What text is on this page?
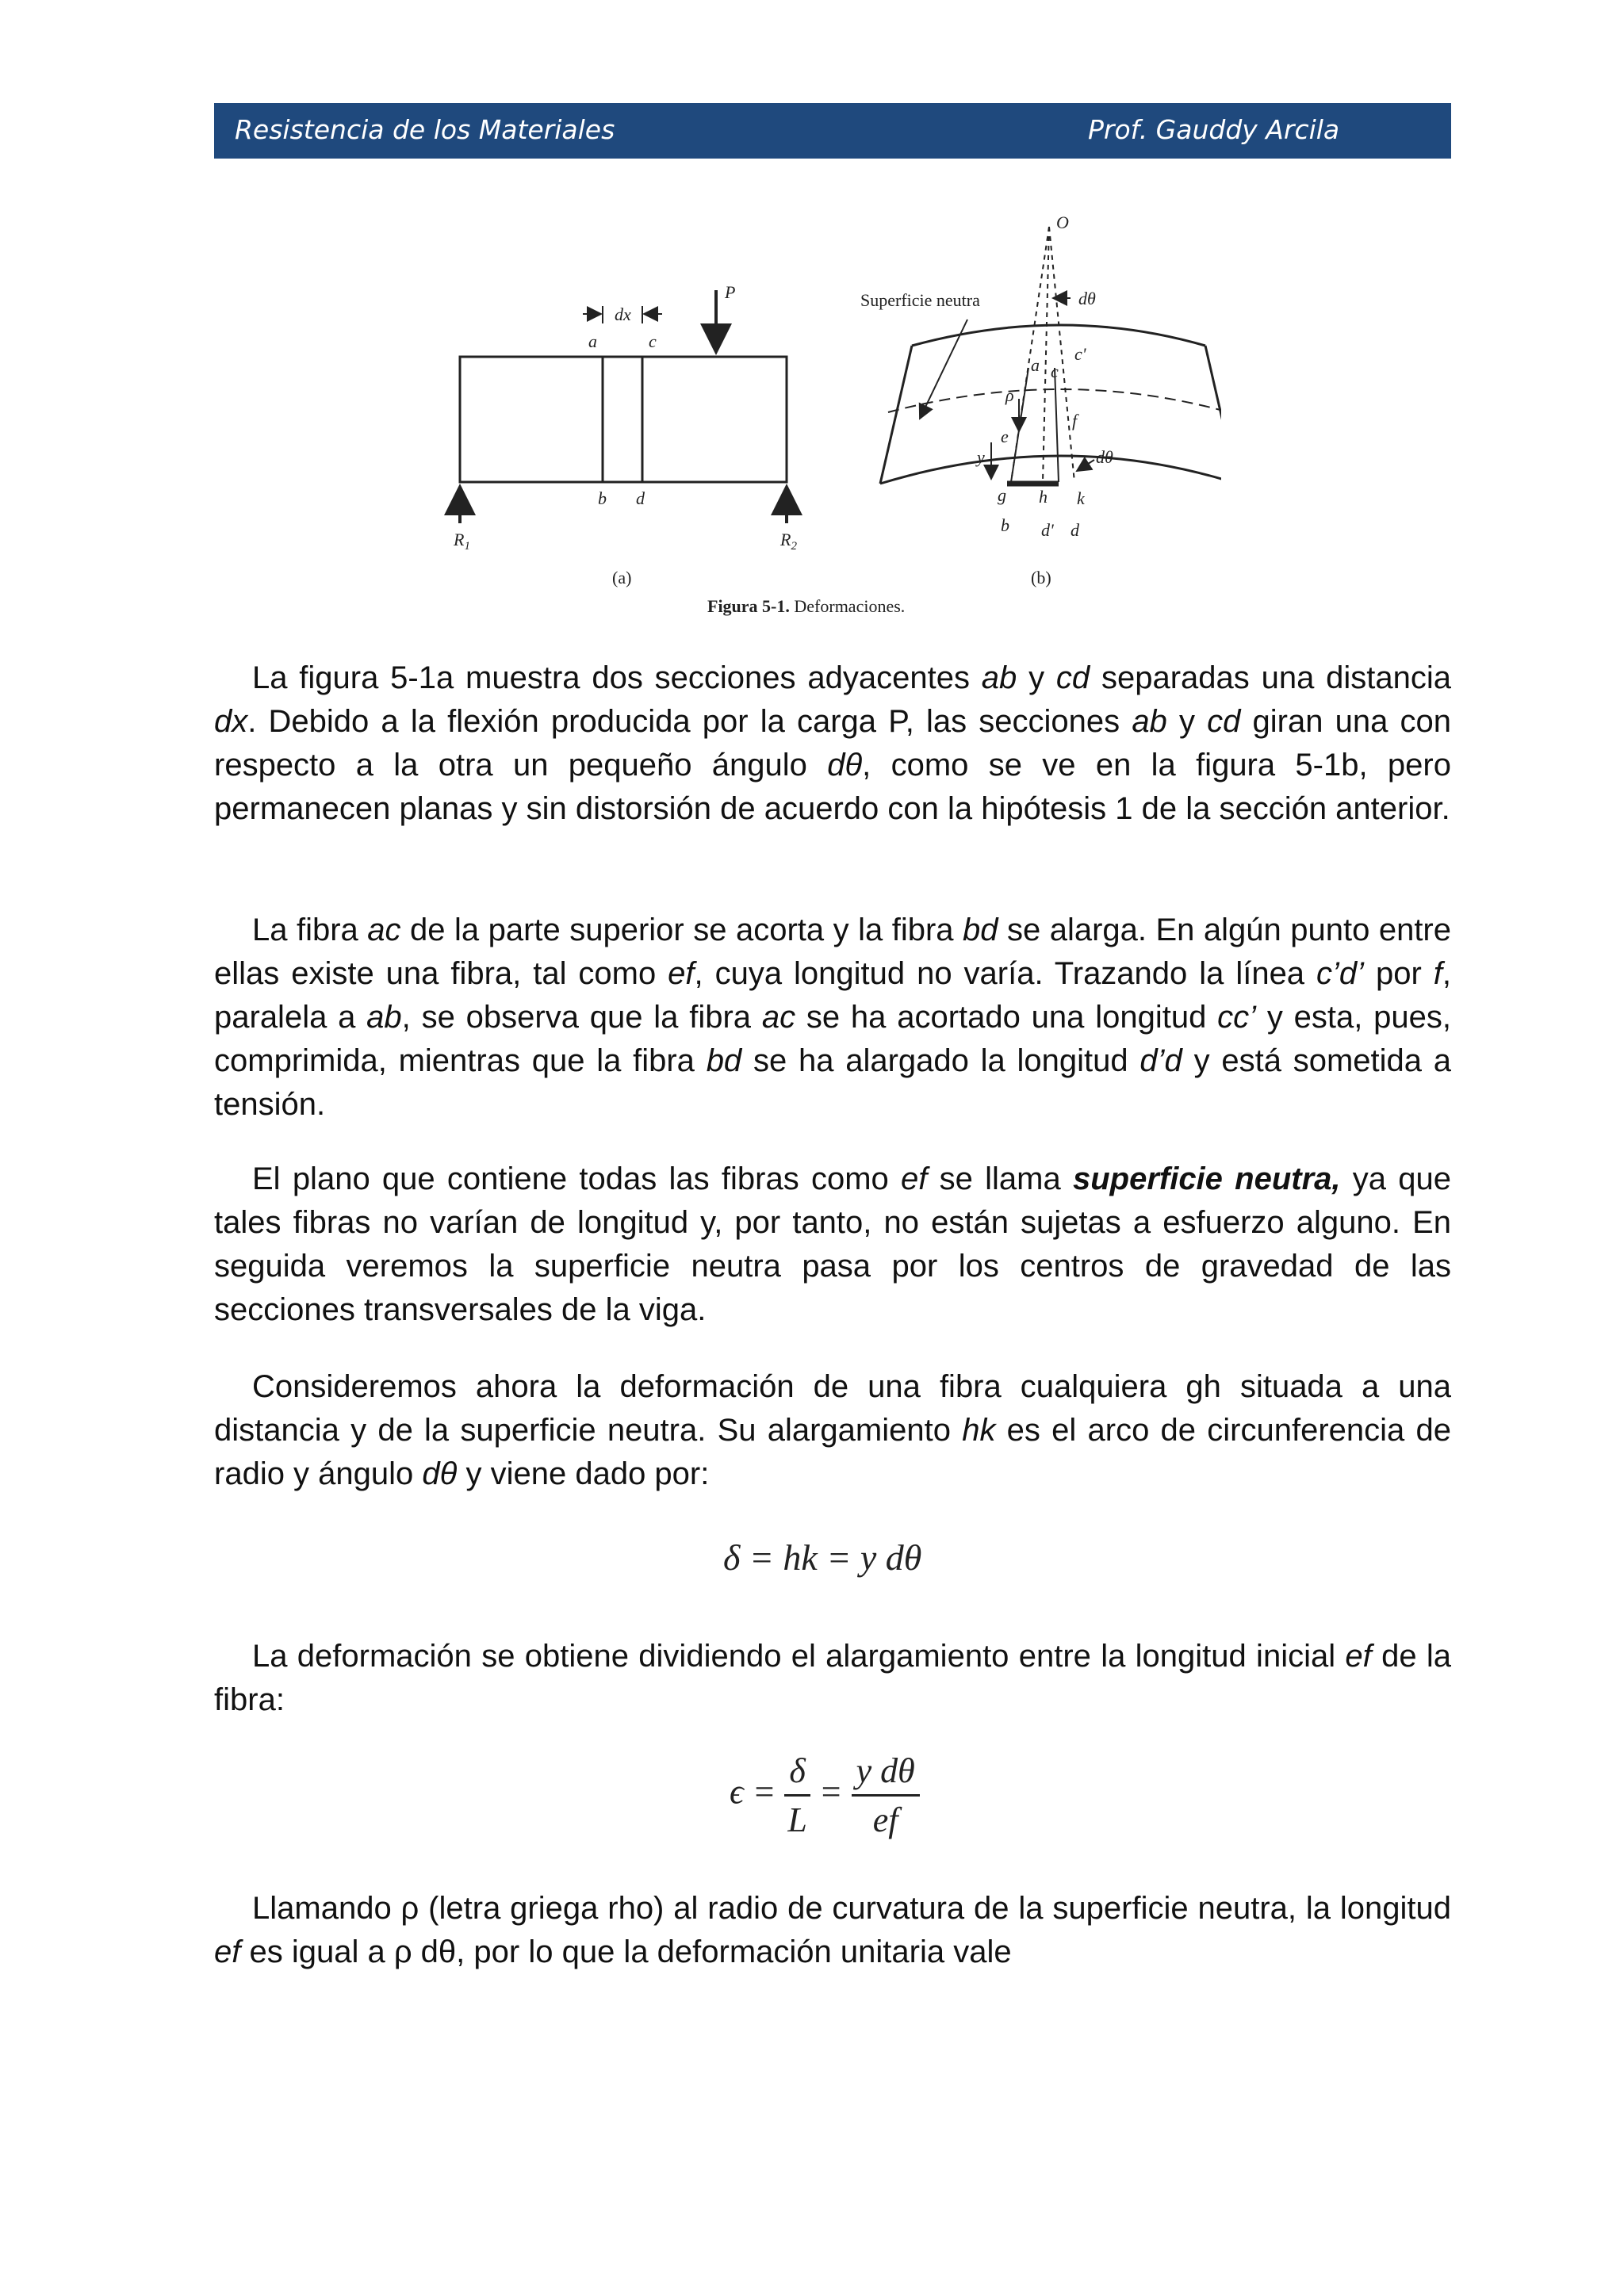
Resistencia de los Materiales	Prof. Gauddy Arcila
dx
a	c
P
b d
$R_1$	$R_2$
(a)
O
Superficie neutra	dθ
c'
a c
ρ
f
e
dθ
y
g h k
b d' d
(b)
Figura 5-1. Deformaciones.

La figura 5-1a muestra dos secciones adyacentes ab y cd separadas una distancia dx. Debido a la flexión producida por la carga P, las secciones ab y cd giran una con respecto a la otra un pequeño ángulo dθ, como se ve en la figura 5-1b, pero permanecen planas y sin distorsión de acuerdo con la hipótesis 1 de la sección anterior.

La fibra ac de la parte superior se acorta y la fibra bd se alarga. En algún punto entre ellas existe una fibra, tal como ef, cuya longitud no varía. Trazando la línea c’d’ por f, paralela a ab, se observa que la fibra ac se ha acortado una longitud cc’ y esta, pues, comprimida, mientras que la fibra bd se ha alargado la longitud d’d y está sometida a tensión.

El plano que contiene todas las fibras como ef se llama superficie neutra, ya que tales fibras no varían de longitud y, por tanto, no están sujetas a esfuerzo alguno. En seguida veremos la superficie neutra pasa por los centros de gravedad de las secciones transversales de la viga.

Consideremos ahora la deformación de una fibra cualquiera gh situada a una distancia y de la superficie neutra. Su alargamiento hk es el arco de circunferencia de radio y ángulo dθ y viene dado por:

δ = hk = y dθ

La deformación se obtiene dividiendo el alargamiento entre la longitud inicial ef de la fibra:

$\epsilon = \frac{\delta}{L} = \frac{\text{y dθ}}{ef}$

Llamando ρ (letra griega rho) al radio de curvatura de la superficie neutra, la longitud ef es igual a ρ dθ, por lo que la deformación unitaria vale
